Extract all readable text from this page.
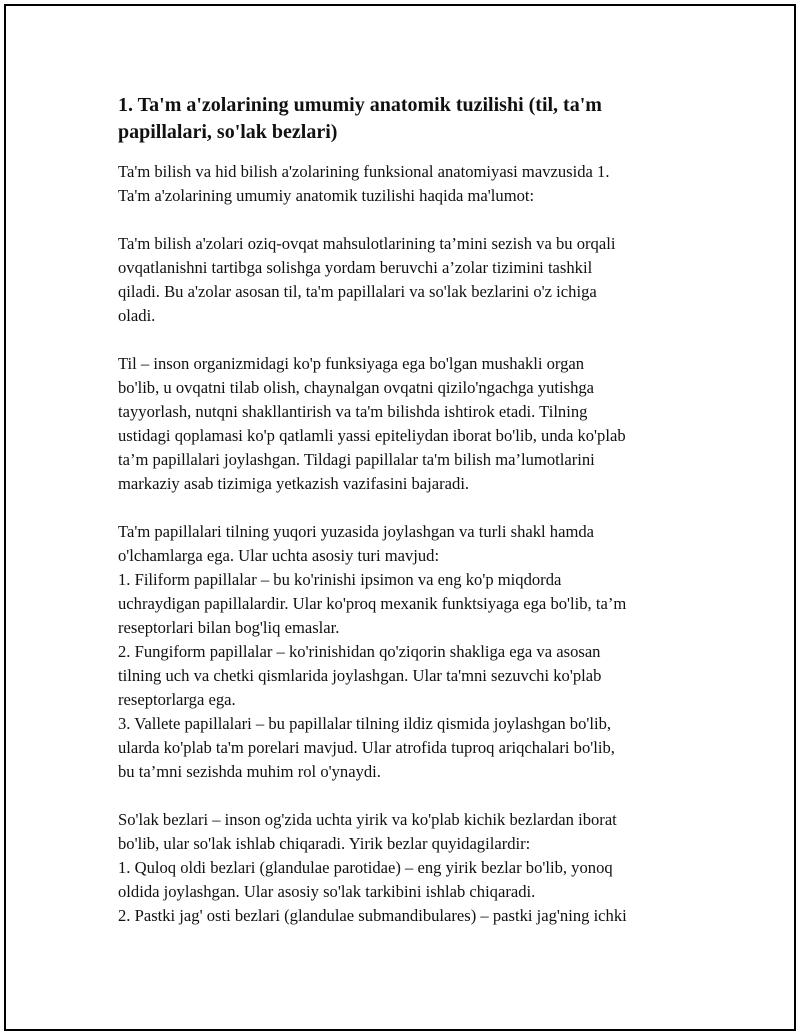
1. Ta'm a'zolarining umumiy anatomik tuzilishi (til, ta'm
papillalari, so'lak bezlari)

Ta'm bilish va hid bilish a'zolarining funksional anatomiyasi mavzusida 1.
Ta'm a'zolarining umumiy anatomik tuzilishi haqida ma'lumot:

Ta'm bilish a'zolari oziq-ovqat mahsulotlarining ta’mini sezish va bu orqali
ovqatlanishni tartibga solishga yordam beruvchi a’zolar tizimini tashkil
qiladi. Bu a'zolar asosan til, ta'm papillalari va so'lak bezlarini o'z ichiga
oladi.

Til – inson organizmidagi ko'p funksiyaga ega bo'lgan mushakli organ
bo'lib, u ovqatni tilab olish, chaynalgan ovqatni qizilo'ngachga yutishga
tayyorlash, nutqni shakllantirish va ta'm bilishda ishtirok etadi. Tilning
ustidagi qoplamasi ko'p qatlamli yassi epiteliydan iborat bo'lib, unda ko'plab
ta’m papillalari joylashgan. Tildagi papillalar ta'm bilish ma’lumotlarini
markaziy asab tizimiga yetkazish vazifasini bajaradi.

Ta'm papillalari tilning yuqori yuzasida joylashgan va turli shakl hamda
o'lchamlarga ega. Ular uchta asosiy turi mavjud:
1. Filiform papillalar – bu ko'rinishi ipsimon va eng ko'p miqdorda
uchraydigan papillalardir. Ular ko'proq mexanik funktsiyaga ega bo'lib, ta’m
reseptorlari bilan bog'liq emaslar.
2. Fungiform papillalar – ko'rinishidan qo'ziqorin shakliga ega va asosan
tilning uch va chetki qismlarida joylashgan. Ular ta'mni sezuvchi ko'plab
reseptorlarga ega.
3. Vallete papillalari – bu papillalar tilning ildiz qismida joylashgan bo'lib,
ularda ko'plab ta'm porelari mavjud. Ular atrofida tuproq ariqchalari bo'lib,
bu ta’mni sezishda muhim rol o'ynaydi.

So'lak bezlari – inson og'zida uchta yirik va ko'plab kichik bezlardan iborat
bo'lib, ular so'lak ishlab chiqaradi. Yirik bezlar quyidagilardir:
1. Quloq oldi bezlari (glandulae parotidae) – eng yirik bezlar bo'lib, yonoq
oldida joylashgan. Ular asosiy so'lak tarkibini ishlab chiqaradi.
2. Pastki jag' osti bezlari (glandulae submandibulares) – pastki jag'ning ichki
